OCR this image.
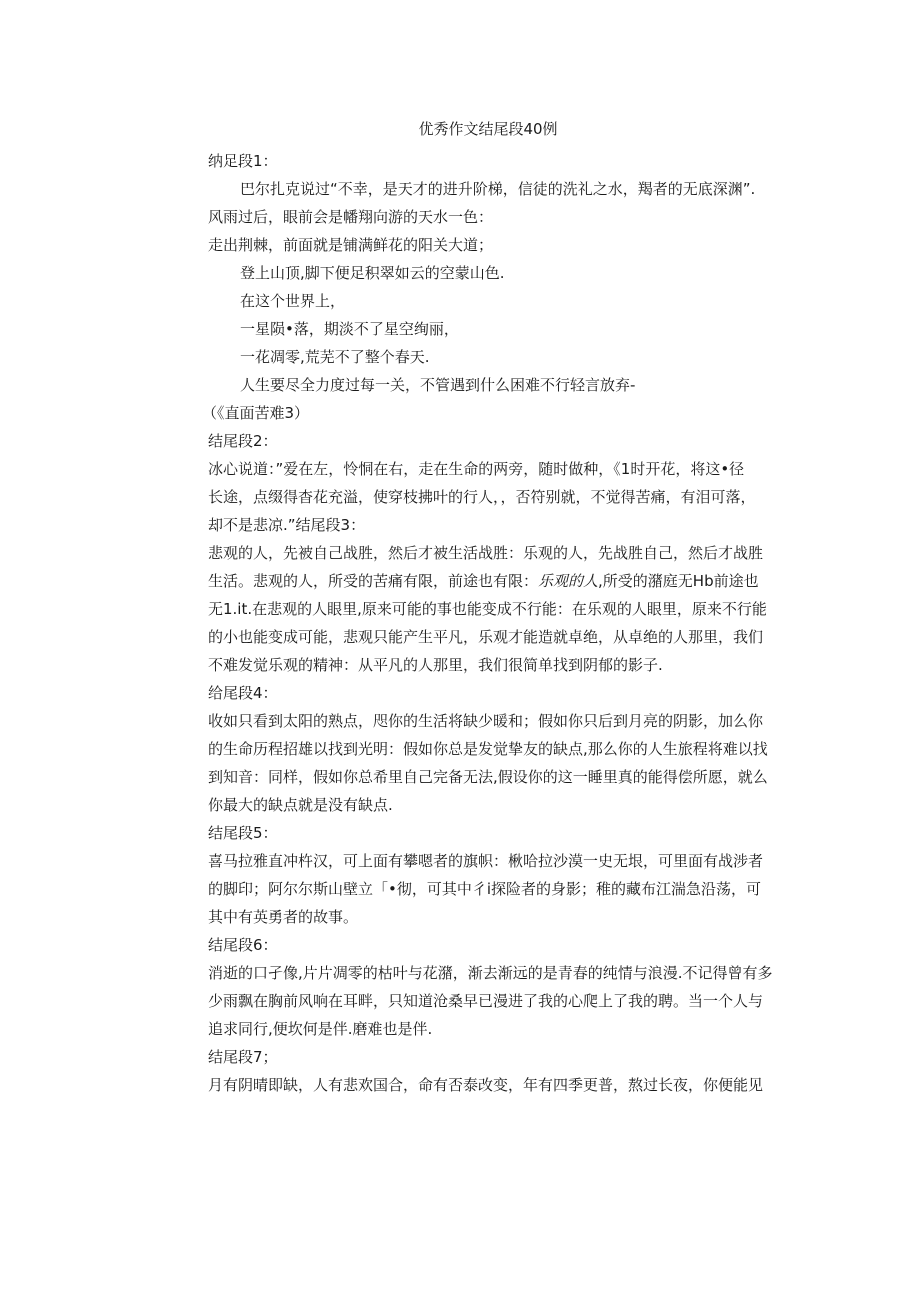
优秀作文结尾段40例
纳足段1：
巴尔扎克说过“不幸，是天才的进升阶梯，信徒的洗礼之水，羯者的无底深渊”.
风雨过后，眼前会是幡翔向游的天水一色：
走出荆棘，前面就是铺满鲜花的阳关大道；
登上山顶,脚下便足积翠如云的空蒙山色.
在这个世界上，
一星陨•落，期淡不了星空绚丽，
一花凋零,荒芜不了整个春天.
人生要尽全力度过每一关，不管遇到什么困难不行轻言放弃-
（《直面苦难3）
结尾段2：
冰心说道：”爱在左，怜恫在右，走在生命的两旁，随时做种，《1时开花，将这•径
长途，点缀得杳花充溢，使穿枝拂叶的行人，，否符别就，不觉得苦痛，有泪可落，
却不是悲凉.”结尾段3：
悲观的人，先被自己战胜，然后才被生活战胜：乐观的人，先战胜自己，然后才战胜
生活。悲观的人，所受的苦痛有限，前途也有限：乐观的人,所受的潴庭无Hb前途也
无1.it.在悲观的人眼里,原来可能的事也能变成不行能：在乐观的人眼里，原来不行能
的小也能变成可能，悲观只能产生平凡，乐观才能造就卓绝，从卓绝的人那里，我们
不难发觉乐观的精神：从平凡的人那里，我们很简单找到阴郁的影子.
给尾段4：
收如只看到太阳的熟点，咫你的生活将缺少暖和；假如你只后到月亮的阴影，加么你
的生命历程招雄以找到光明：假如你总是发觉挚友的缺点,那么你的人生旅程将难以找
到知音：同样，假如你总希里自己完备无法,假设你的这一睡里真的能得偿所愿，就么
你最大的缺点就是没有缺点.
结尾段5：
喜马拉雅直冲杵汉，可上面有攀嗯者的旗帜：楸哈拉沙漠一史无垠，可里面有战涉者
的脚印；阿尔尔斯山壁立「•彻，可其中彳i探险者的身影；稚的藏布江湍急沿荡，可
其中有英勇者的故事。
结尾段6：
消逝的口孑像,片片凋零的枯叶与花潴，渐去渐远的是青春的纯情与浪漫.不记得曾有多
少雨飘在胸前风响在耳畔，只知道沧桑早已漫进了我的心爬上了我的聘。当一个人与
追求同行,便坎何是伴.磨难也是伴.
结尾段7；
月有阴晴即缺，人有悲欢国合，命有否泰改变，年有四季更普，熬过长夜，你便能见
